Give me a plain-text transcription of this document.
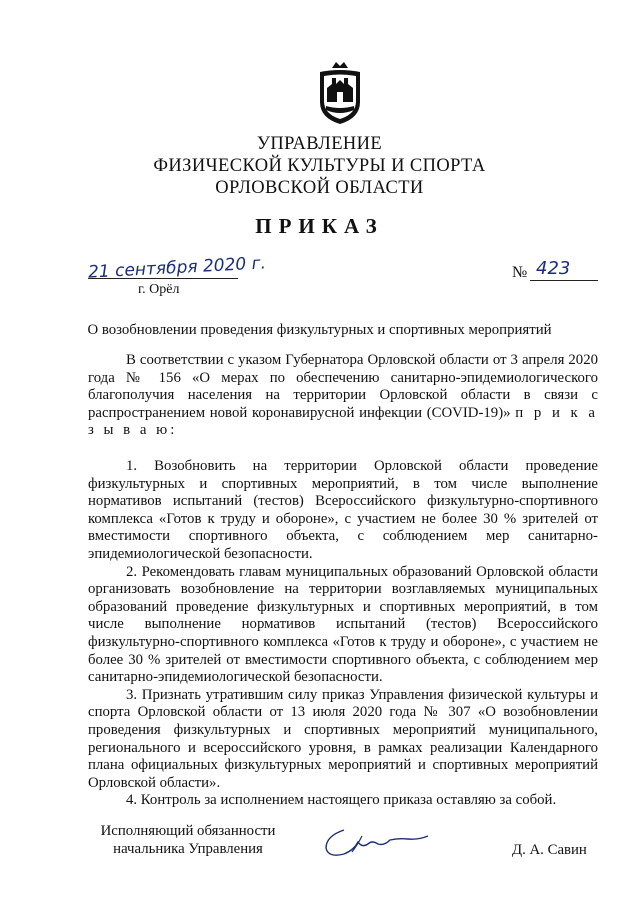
УПРАВЛЕНИЕ
ФИЗИЧЕСКОЙ КУЛЬТУРЫ И СПОРТА
ОРЛОВСКОЙ ОБЛАСТИ
ПРИКАЗ
21 сентября 2020 г.
г. Орёл
№ 423
О возобновлении проведения физкультурных и спортивных мероприятий

В соответствии с указом Губернатора Орловской области от 3 апреля 2020 года № 156 «О мерах по обеспечению санитарно-эпидемиологического благополучия населения на территории Орловской области в связи с распространением новой коронавирусной инфекции (COVID-19)» п р и к а з ы в а ю:

1. Возобновить на территории Орловской области проведение физкультурных и спортивных мероприятий, в том числе выполнение нормативов испытаний (тестов) Всероссийского физкультурно-спортивного комплекса «Готов к труду и обороне», с участием не более 30 % зрителей от вместимости спортивного объекта, с соблюдением мер санитарно-эпидемиологической безопасности.

2. Рекомендовать главам муниципальных образований Орловской области организовать возобновление на территории возглавляемых муниципальных образований проведение физкультурных и спортивных мероприятий, в том числе выполнение нормативов испытаний (тестов) Всероссийского физкультурно-спортивного комплекса «Готов к труду и обороне», с участием не более 30 % зрителей от вместимости спортивного объекта, с соблюдением мер санитарно-эпидемиологической безопасности.

3. Признать утратившим силу приказ Управления физической культуры и спорта Орловской области от 13 июля 2020 года № 307 «О возобновлении проведения физкультурных и спортивных мероприятий муниципального, регионального и всероссийского уровня, в рамках реализации Календарного плана официальных физкультурных мероприятий и спортивных мероприятий Орловской области».

4. Контроль за исполнением настоящего приказа оставляю за собой.

Исполняющий обязанности
начальника Управления	Д. А. Савин
